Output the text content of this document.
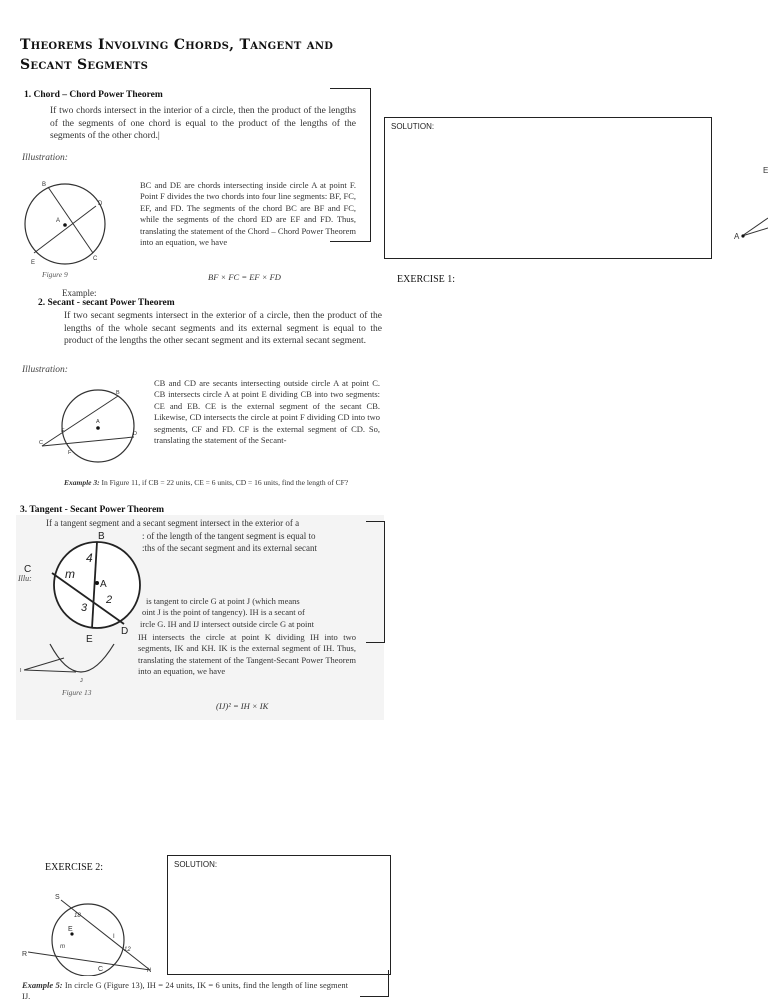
Theorems Involving Chords, Tangent and
Secant Segments
1. Chord – Chord Power Theorem
If two chords intersect in the interior of a circle, then the product of the lengths of the segments of one chord is equal to the product of the lengths of the segments of the other chord.|
Illustration:
B
D
A
E
C
Figure 9
BC and DE are chords intersecting inside circle A at point F. Point F divides the two chords into four line segments: BF, FC, EF, and FD. The segments of the chord BC are BF and FC, while the segments of the chord ED are EF and FD. Thus, translating the statement of the Chord – Chord Power Theorem into an equation, we have
BF × FC = EF × FD
Example:
2. Secant - secant Power Theorem
If two secant segments intersect in the exterior of a circle, then the product of the lengths of the whole secant segments and its external segment is equal to the product of the lengths the other secant segment and its external secant segment.
Illustration:
B
E
A
D
C
F
CB and CD are secants intersecting outside circle A at point C. CB intersects circle A at point E dividing CB into two segments: CE and EB. CE is the external segment of the secant CB. Likewise, CD intersects the circle at point F dividing CD into two segments, CF and FD. CF is the external segment of CD. So, translating the statement of the Secant-
Example 3: In Figure 11, if CB = 22 units, CE = 6 units, CD = 16 units, find the length of CF?
3. Tangent - Secant Power Theorem
If a tangent segment and a secant segment intersect in the exterior of a
: of the length of the tangent segment is equal to
:ths of the secant segment and its external secant
Illu:
B
C	m
4
A
2
3
D
E
is tangent to circle G at point J (which means
oint J is the point of tangency). IH is a secant of
ircle G. IH and IJ intersect outside circle G at point
IH intersects the circle at point K dividing IH into two segments, IK and KH. IK is the external segment of IH. Thus, translating the statement of the Tangent-Secant Power Theorem into an equation, we have
(IJ)² = IH × IK
I
J
Figure 13
SOLUTION:
EXERCISE 1:
E
A
EXERCISE 2:	SOLUTION:
S
18
E
m
I
12
R
C	N
Example 5: In circle G (Figure 13), IH = 24 units, IK = 6 units, find the length of line segment IJ.
